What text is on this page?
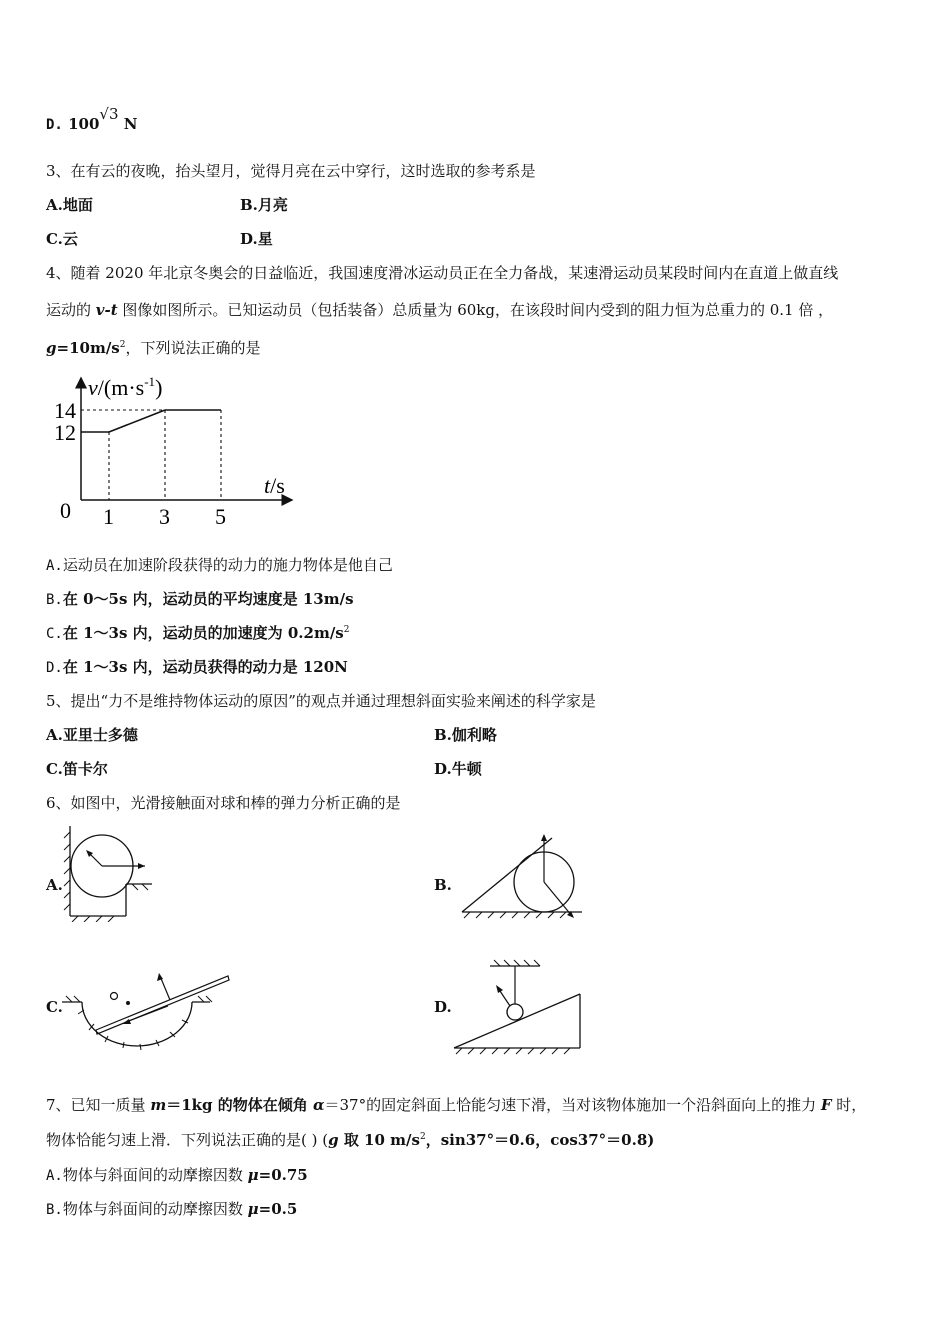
D. 100√3 N
3、在有云的夜晚，抬头望月，觉得月亮在云中穿行，这时选取的参考系是
A.地面	B.月亮
C.云	D.星
4、随着 2020 年北京冬奥会的日益临近，我国速度滑冰运动员正在全力备战，某速滑运动员某段时间内在直道上做直线
运动的 v-t 图像如图所示。已知运动员（包括装备）总质量为 60kg，在该段时间内受到的阻力恒为总重力的 0.1 倍 ，
$g=10m/s^2$，下列说法正确的是
1 3 5
12
14
$v/(m\cdot s^{-1})$
t/s
0
A.运动员在加速阶段获得的动力的施力物体是他自己
B.在 0～5s 内，运动员的平均速度是 13m/s
C.在 1～3s 内，运动员的加速度为 $0.2m/s^2$
D.在 1～3s 内，运动员获得的动力是 120N
5、提出“力不是维持物体运动的原因”的观点并通过理想斜面实验来阐述的科学家是
A.亚里士多德	B.伽利略
C.笛卡尔	D.牛顿
6、如图中，光滑接触面对球和棒的弹力分析正确的是
A.	B.
C.	D.
7、已知一质量 m＝1kg 的物体在倾角 α＝37°的固定斜面上恰能匀速下滑，当对该物体施加一个沿斜面向上的推力 F 时，
物体恰能匀速上滑．下列说法正确的是( ) (g 取 10 $m/s^2$，sin37°＝0.6，cos37°＝0.8)
A.物体与斜面间的动摩擦因数 μ=0.75
B.物体与斜面间的动摩擦因数 μ=0.5
